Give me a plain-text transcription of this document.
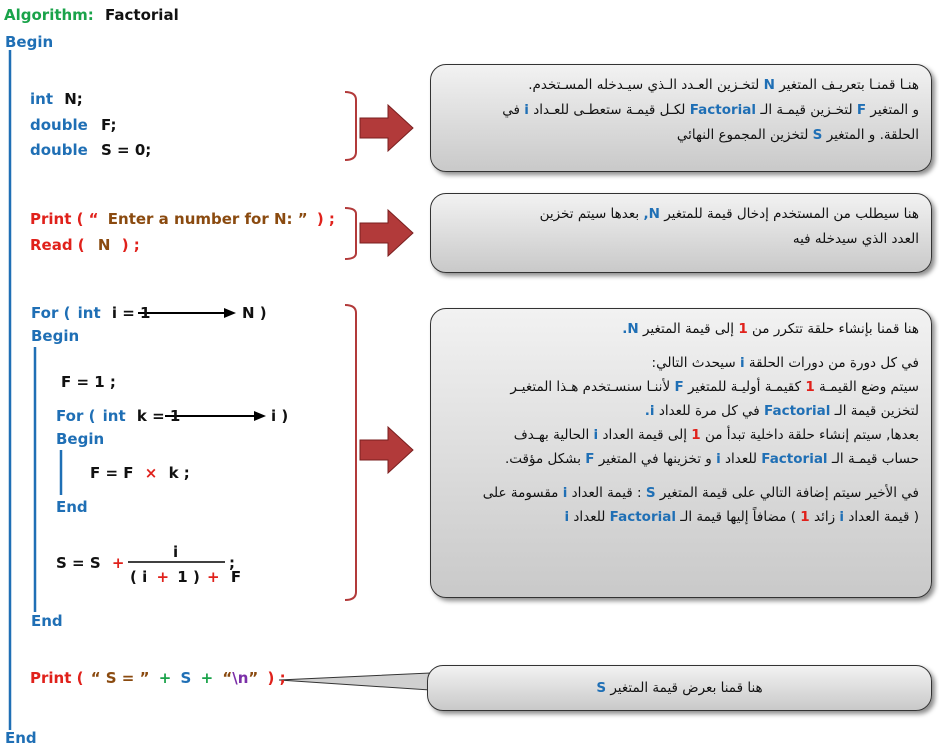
Algorithm: Factorial
Begin
int N;
double F;
double S = 0;
Print ( “ Enter a number for N: ” ) ;
Read ( N ) ;
For ( int i = 1	N )
Begin
F = 1 ;
For ( int k = 1	i )
Begin
F = F × k ;
End
S = S +
i
( i + 1 ) + F
;
End
Print ( “ S = ” + S + “\n” ) ;
End

هنـا قمنـا بتعريـف المتغير N لتخـزين العـدد الـذي سيـدخله المسـتخدم.

و المتغير F لتخـزين قيمـة الـ Factorial لكـل قيمـة ستعطـى للعـداد i في

الحلقة. و المتغير S لتخزين المجموع النهائي

هنا سيطلب من المستخدم إدخال قيمة للمتغير N, بعدها سيتم تخزين

العدد الذي سيدخله فيه

هنا قمنا بإنشاء حلقة تتكرر من 1 إلى قيمة المتغير N.

في كل دورة من دورات الحلقة i سيحدث التالي:

سيتم وضع القيمـة 1 كقيمـة أوليـة للمتغير F لأننـا سنسـتخدم هـذا المتغيـر

لتخزين قيمة الـ Factorial في كل مرة للعداد i.

بعدها, سيتم إنشاء حلقة داخلية تبدأ من 1 إلى قيمة العداد i الحالية بهـدف

حساب قيمـة الـ Factorial للعداد i و تخزينها في المتغير F بشكل مؤقت.

في الأخير سيتم إضافة التالي على قيمة المتغير S : قيمة العداد i مقسومة على

( قيمة العداد i زائد 1 ) مضافاً إليها قيمة الـ Factorial للعداد i

هنا قمنا بعرض قيمة المتغير S
